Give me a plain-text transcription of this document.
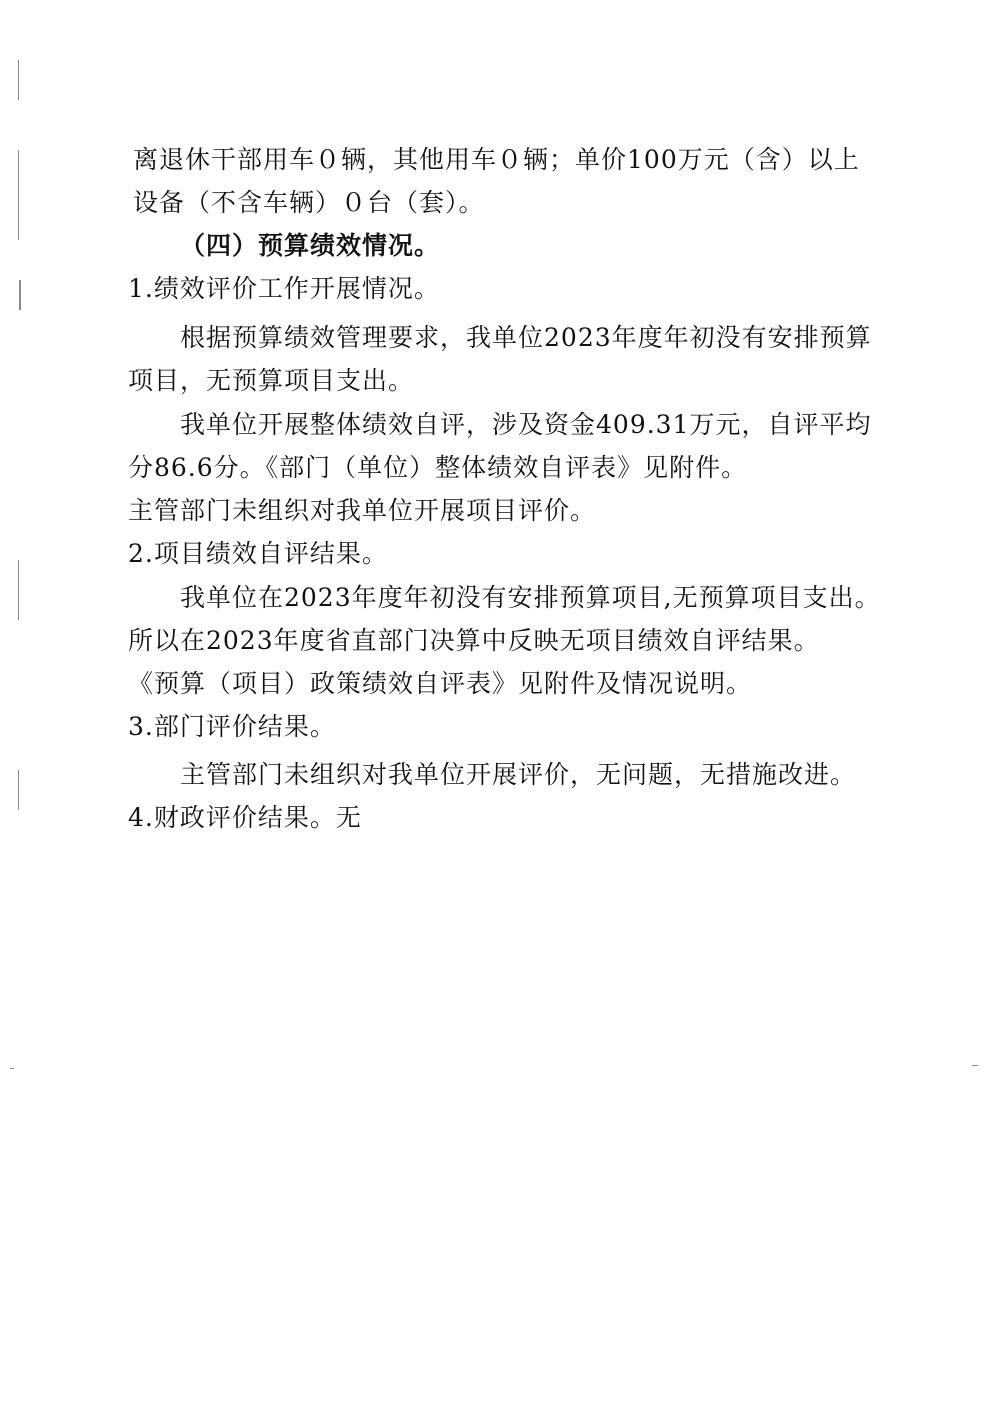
离退休干部用车０辆，其他用车０辆；单价100万元（含）以上
设备（不含车辆）０台（套）。
（四）预算绩效情况。
1.绩效评价工作开展情况。
根据预算绩效管理要求，我单位2023年度年初没有安排预算
项目，无预算项目支出。
我单位开展整体绩效自评，涉及资金409.31万元，自评平均
分86.6分。《部门（单位）整体绩效自评表》见附件。
主管部门未组织对我单位开展项目评价。
2.项目绩效自评结果。
我单位在2023年度年初没有安排预算项目,无预算项目支出。
所以在2023年度省直部门决算中反映无项目绩效自评结果。
《预算（项目）政策绩效自评表》见附件及情况说明。
3.部门评价结果。
主管部门未组织对我单位开展评价，无问题，无措施改进。
4.财政评价结果。无
